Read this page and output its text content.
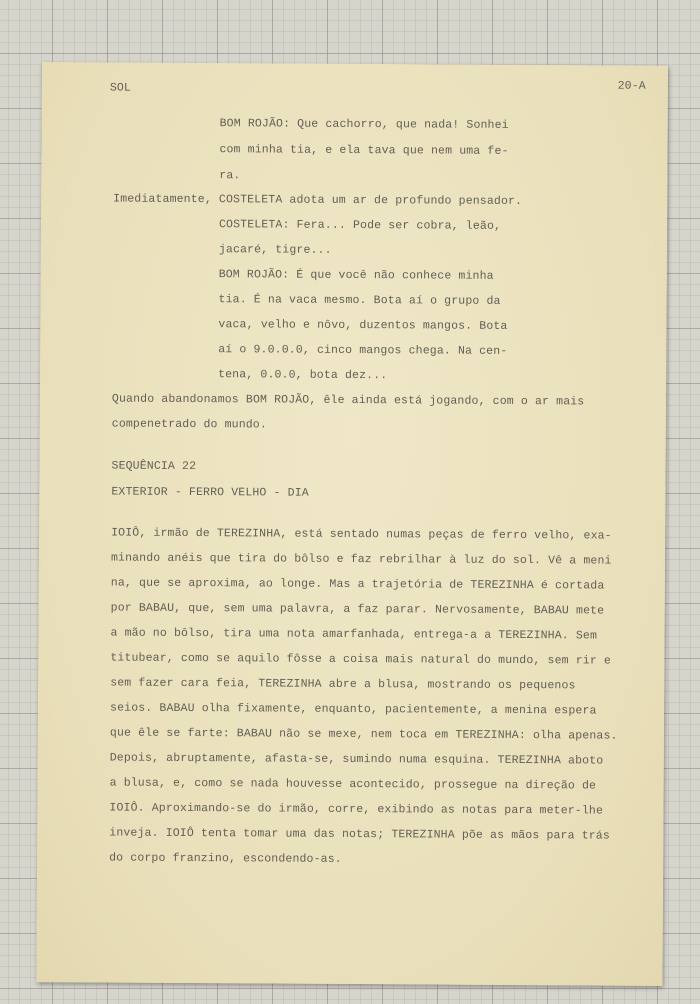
SOL	20-A
BOM ROJÃO: Que cachorro, que nada! Sonhei
com minha tia, e ela tava que nem uma fe-
ra.
Imediatamente, COSTELETA adota um ar de profundo pensador.
COSTELETA: Fera... Pode ser cobra, leão,
jacaré, tigre...
BOM ROJÃO: É que você não conhece minha
tia. É na vaca mesmo. Bota aí o grupo da
vaca, velho e nôvo, duzentos mangos. Bota
aí o 9.0.0.0, cinco mangos chega. Na cen-
tena, 0.0.0, bota dez...
Quando abandonamos BOM ROJÃO, êle ainda está jogando, com o ar mais
compenetrado do mundo.
SEQUÊNCIA 22
EXTERIOR - FERRO VELHO - DIA
IOIÔ, irmão de TEREZINHA, está sentado numas peças de ferro velho, exa-
minando anéis que tira do bôlso e faz rebrilhar à luz do sol. Vê a meni
na, que se aproxima, ao longe. Mas a trajetória de TEREZINHA é cortada
por BABAU, que, sem uma palavra, a faz parar. Nervosamente, BABAU mete
a mão no bôlso, tira uma nota amarfanhada, entrega-a a TEREZINHA. Sem
titubear, como se aquilo fôsse a coisa mais natural do mundo, sem rir e
sem fazer cara feia, TEREZINHA abre a blusa, mostrando os pequenos
seios. BABAU olha fixamente, enquanto, pacientemente, a menina espera
que êle se farte: BABAU não se mexe, nem toca em TEREZINHA: olha apenas.
Depois, abruptamente, afasta-se, sumindo numa esquina. TEREZINHA aboto
a blusa, e, como se nada houvesse acontecido, prossegue na direção de
IOIÔ. Aproximando-se do irmão, corre, exibindo as notas para meter-lhe
inveja. IOIÔ tenta tomar uma das notas; TEREZINHA põe as mãos para trás
do corpo franzino, escondendo-as.
